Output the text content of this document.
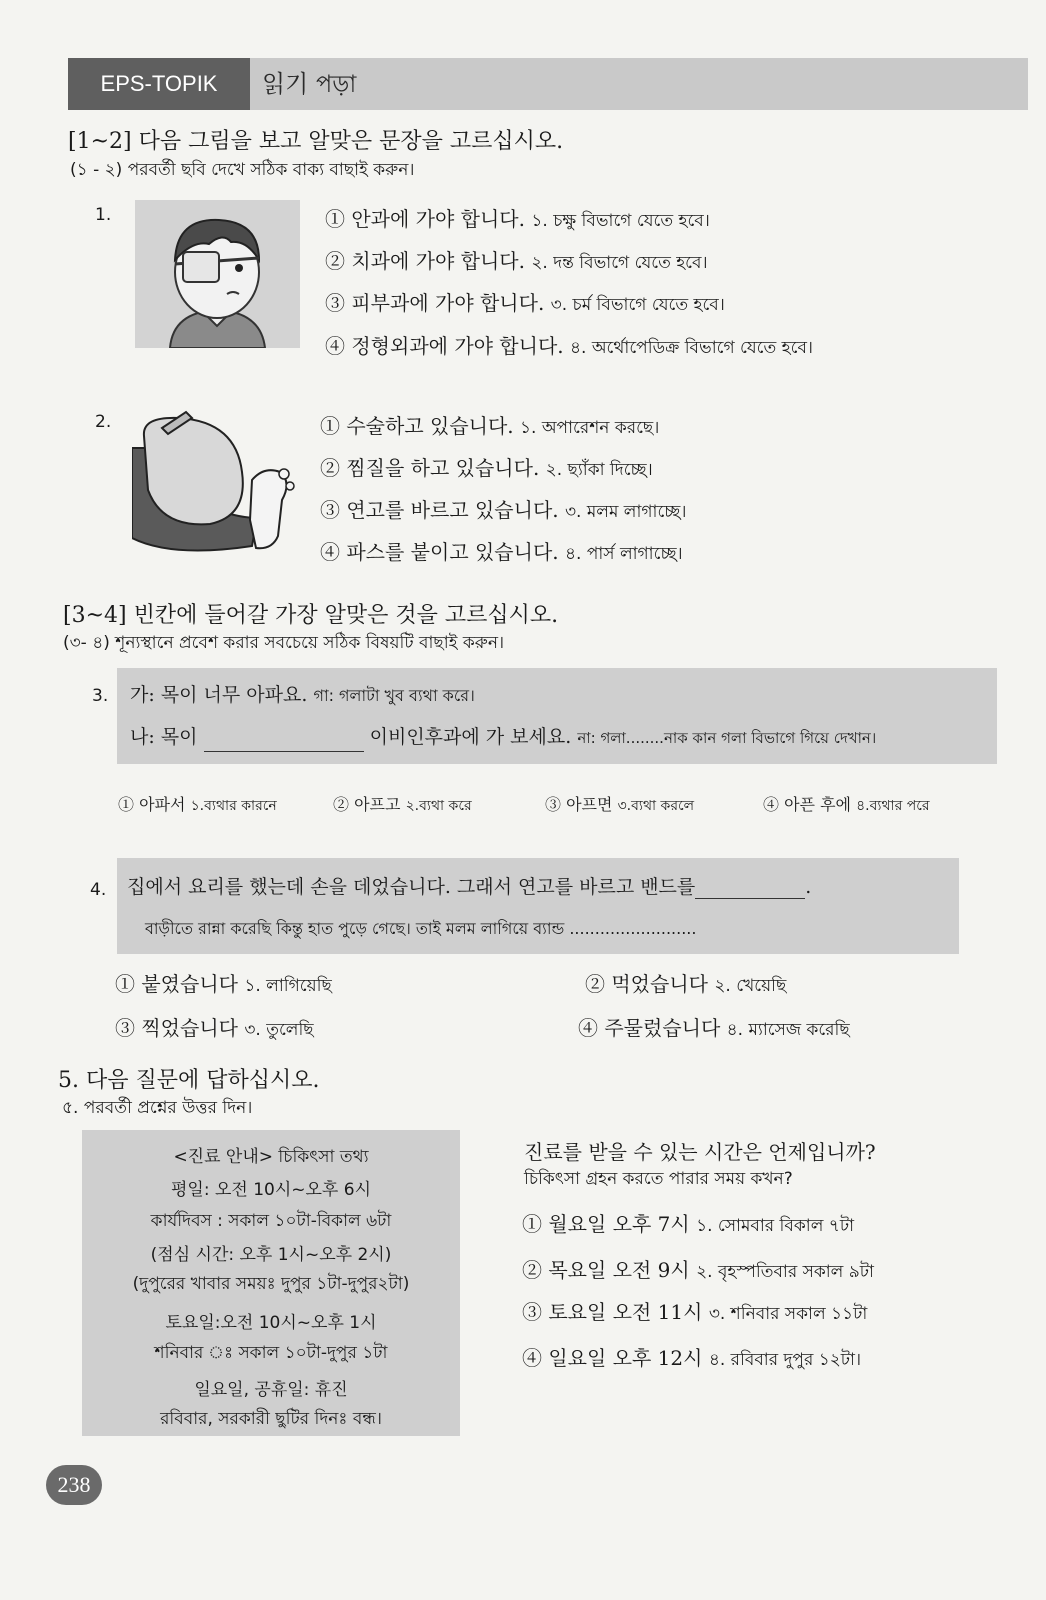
EPS-TOPIK	읽기 পড়া
[1~2] 다음 그림을 보고 알맞은 문장을 고르십시오.
(১ - ২) পরবর্তী ছবি দেখে সঠিক বাক্য বাছাই করুন।
1.	① 안과에 가야 합니다. ১. চক্ষু বিভাগে যেতে হবে।
② 치과에 가야 합니다. ২. দন্ত বিভাগে যেতে হবে।
③ 피부과에 가야 합니다. ৩. চর্ম বিভাগে যেতে হবে।
④ 정형외과에 가야 합니다. ৪. অর্থোপেডিক্র বিভাগে যেতে হবে।
2.	① 수술하고 있습니다. ১. অপারেশন করছে।
② 찜질을 하고 있습니다. ২. ছ্যাঁকা দিচ্ছে।
③ 연고를 바르고 있습니다. ৩. মলম লাগাচ্ছে।
④ 파스를 붙이고 있습니다. ৪. পার্স লাগাচ্ছে।
[3~4] 빈칸에 들어갈 가장 알맞은 것을 고르십시오.
(৩- ৪) শূন্যস্থানে প্রবেশ করার সবচেয়ে সঠিক বিষয়টি বাছাই করুন।
3. 가: 목이 너무 아파요. গা: গলাটা খুব ব্যথা করে।
나: 목이	이비인후과에 가 보세요. না: গলা........নাক কান গলা বিভাগে গিয়ে দেখান।
① 아파서 ১.ব্যথার কারনে	② 아프고 ২.ব্যথা করে	③ 아프면 ৩.ব্যথা করলে	④ 아픈 후에 ৪.ব্যথার পরে
4. 집에서 요리를 했는데 손을 데었습니다. 그래서 연고를 바르고 밴드를	.
বাড়ীতে রান্না করেছি কিন্তু হাত পুড়ে গেছে। তাই মলম লাগিয়ে ব্যান্ড .........................
① 붙였습니다 ১. লাগিয়েছি	② 먹었습니다 ২. খেয়েছি
③ 찍었습니다 ৩. তুলেছি	④ 주물렀습니다 ৪. ম্যাসেজ করেছি
5. 다음 질문에 답하십시오.
৫. পরবর্তী প্রশ্নের উত্তর দিন।
<진료 안내> চিকিৎসা তথ্য
평일: 오전 10시~오후 6시
কার্যদিবস : সকাল ১০টা-বিকাল ৬টা
(점심 시간: 오후 1시~오후 2시)
(দুপুরের খাবার সময়ঃ দুপুর ১টা-দুপুর২টা)
토요일:오전 10시~오후 1시
শনিবার ঃ সকাল ১০টা-দুপুর ১টা
일요일, 공휴일: 휴진
রবিবার, সরকারী ছুটির দিনঃ বন্ধ।
진료를 받을 수 있는 시간은 언제입니까?
চিকিৎসা গ্রহন করতে পারার সময় কখন?
① 월요일 오후 7시 ১. সোমবার বিকাল ৭টা
② 목요일 오전 9시 ২. বৃহস্পতিবার সকাল ৯টা
③ 토요일 오전 11시 ৩. শনিবার সকাল ১১টা
④ 일요일 오후 12시 ৪. রবিবার দুপুর ১২টা।
238
